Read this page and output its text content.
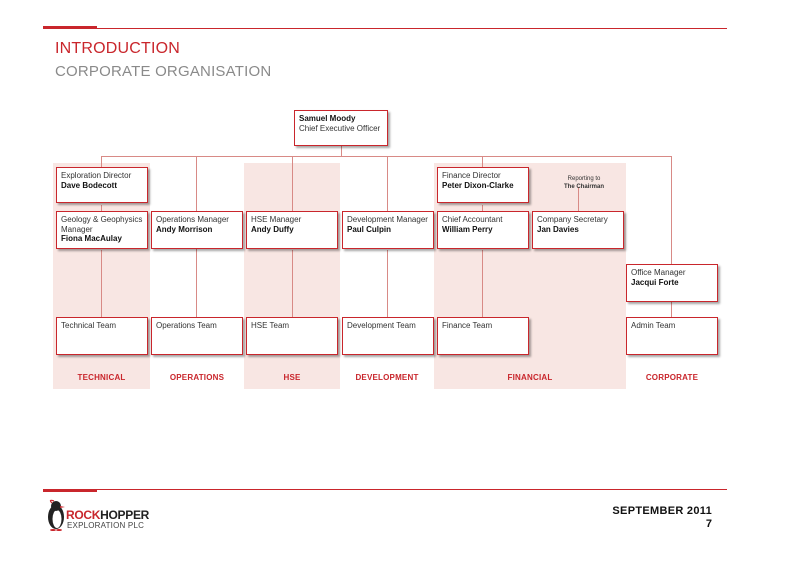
INTRODUCTION
CORPORATE ORGANISATION
Samuel Moody
Chief Executive Officer
Exploration Director
Dave Bodecott
Finance Director
Peter Dixon-Clarke
Reporting to
The Chairman
Geology & Geophysics Manager
Fiona MacAulay
Operations Manager
Andy Morrison
HSE Manager
Andy Duffy
Development Manager
Paul Culpin
Chief Accountant
William Perry
Company Secretary
Jan Davies
Office Manager
Jacqui Forte
Technical Team	Operations Team	HSE Team	Development Team	Finance Team	Admin Team
TECHNICAL	OPERATIONS	HSE	DEVELOPMENT	FINANCIAL	CORPORATE
ROCKHOPPER
EXPLORATION PLC
SEPTEMBER 2011
7
